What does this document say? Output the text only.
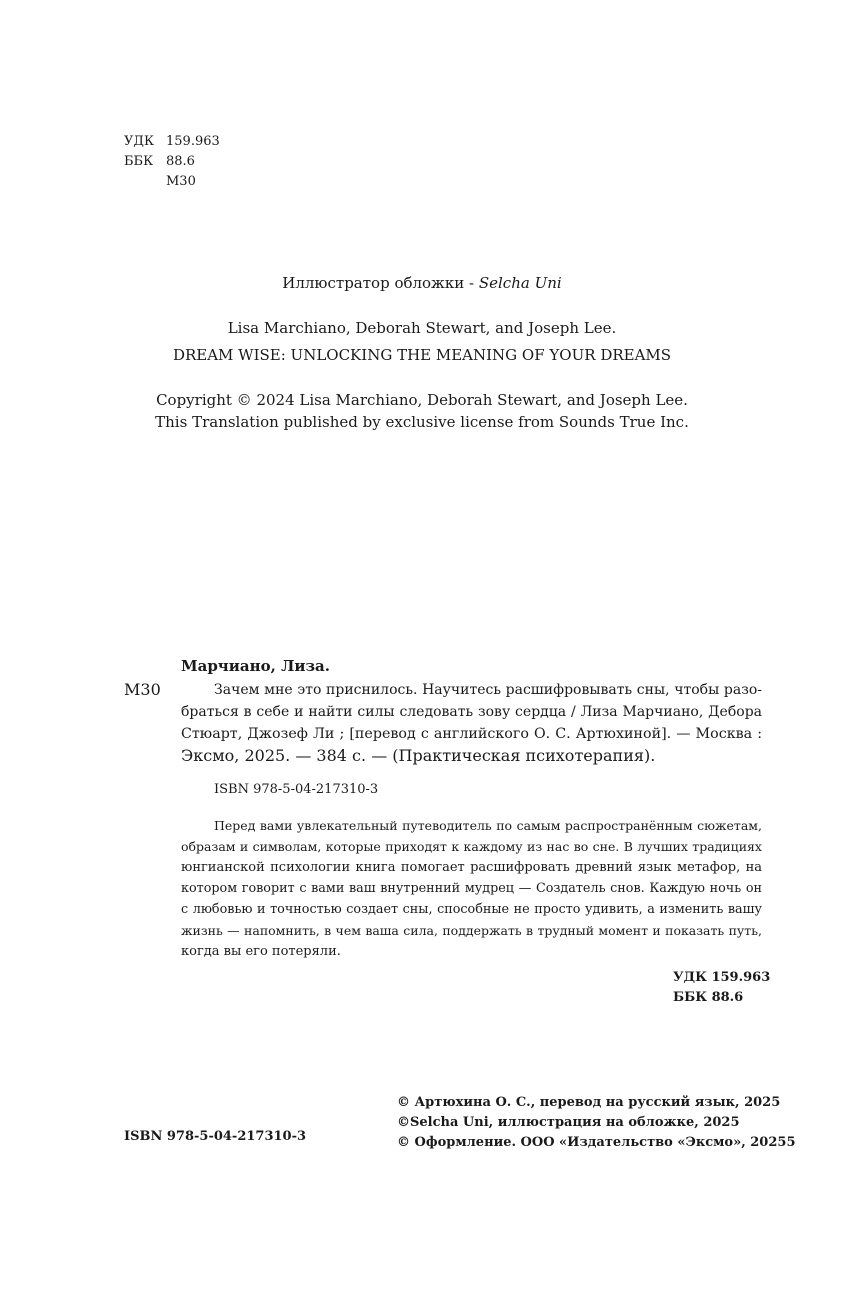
УДК 159.963
ББК 88.6
М30
Иллюстратор обложки - Selcha Uni
Lisa Marchiano, Deborah Stewart, and Joseph Lee.
DREAM WISE: UNLOCKING THE MEANING OF YOUR DREAMS
Copyright © 2024 Lisa Marchiano, Deborah Stewart, and Joseph Lee.
This Translation published by exclusive license from Sounds True Inc.
Марчиано, Лиза.
М30	Зачем мне это приснилось. Научитесь расшифровывать сны, чтобы разо-
браться в себе и найти силы следовать зову сердца / Лиза Марчиано, Дебора
Стюарт, Джозеф Ли ; [перевод с английского О. С. Артюхиной]. — Москва :
Эксмо, 2025. — 384 с. — (Практическая психотерапия).
ISBN 978-5-04-217310-3
Перед вами увлекательный путеводитель по самым распространённым сюжетам,
образам и символам, которые приходят к каждому из нас во сне. В лучших традициях
юнгианской психологии книга помогает расшифровать древний язык метафор, на
котором говорит с вами ваш внутренний мудрец — Создатель снов. Каждую ночь он
с любовью и точностью создает сны, способные не просто удивить, а изменить вашу
жизнь — напомнить, в чем ваша сила, поддержать в трудный момент и показать путь,
когда вы его потеряли.
УДК 159.963
ББК 88.6
ISBN 978-5-04-217310-3
© Артюхина О. С., перевод на русский язык, 2025
©Selcha Uni, иллюстрация на обложке, 2025
© Оформление. ООО «Издательство «Эксмо», 20255
